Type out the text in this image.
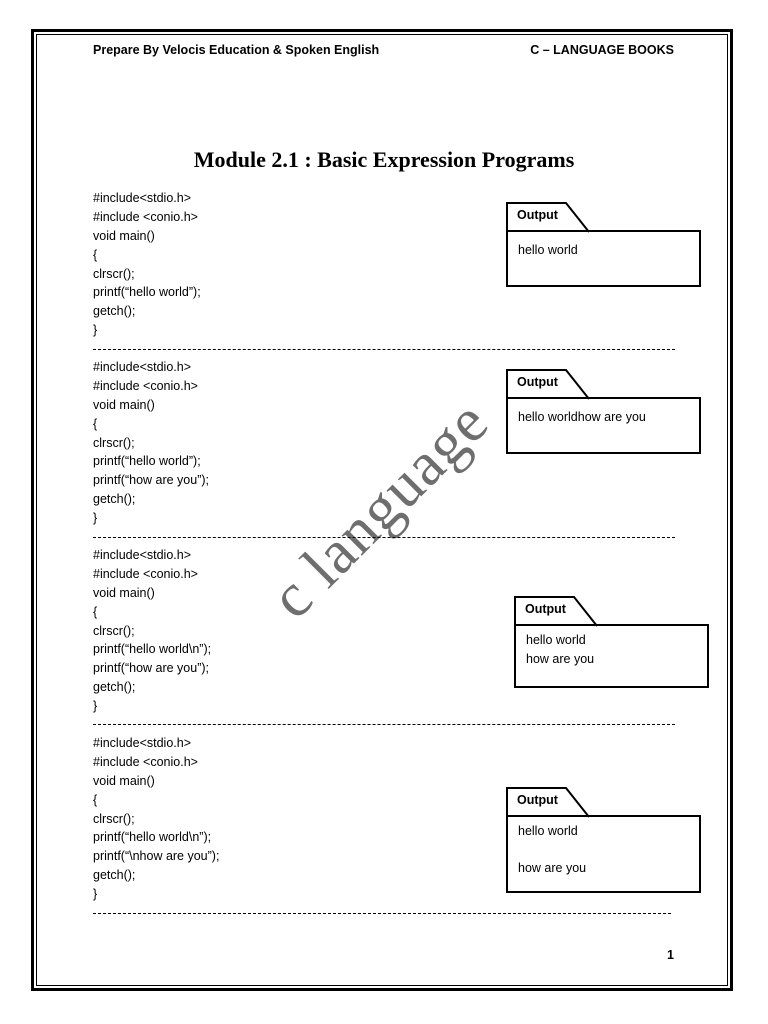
Prepare By Velocis Education & Spoken English	C – LANGUAGE BOOKS
Module 2.1 : Basic Expression Programs
c language
#include<stdio.h>
#include <conio.h>
void main()
{
clrscr();
printf(“hello world”);
getch();
}
Output
hello world
#include<stdio.h>
#include <conio.h>
void main()
{
clrscr();
printf(“hello world”);
printf(“how are you”);
getch();
}
Output
hello worldhow are you
#include<stdio.h>
#include <conio.h>
void main()
{
clrscr();
printf(“hello world\n”);
printf(“how are you”);
getch();
}
Output
hello world
how are you
#include<stdio.h>
#include <conio.h>
void main()
{
clrscr();
printf(“hello world\n”);
printf(“\nhow are you”);
getch();
}
Output
hello world
how are you
1
